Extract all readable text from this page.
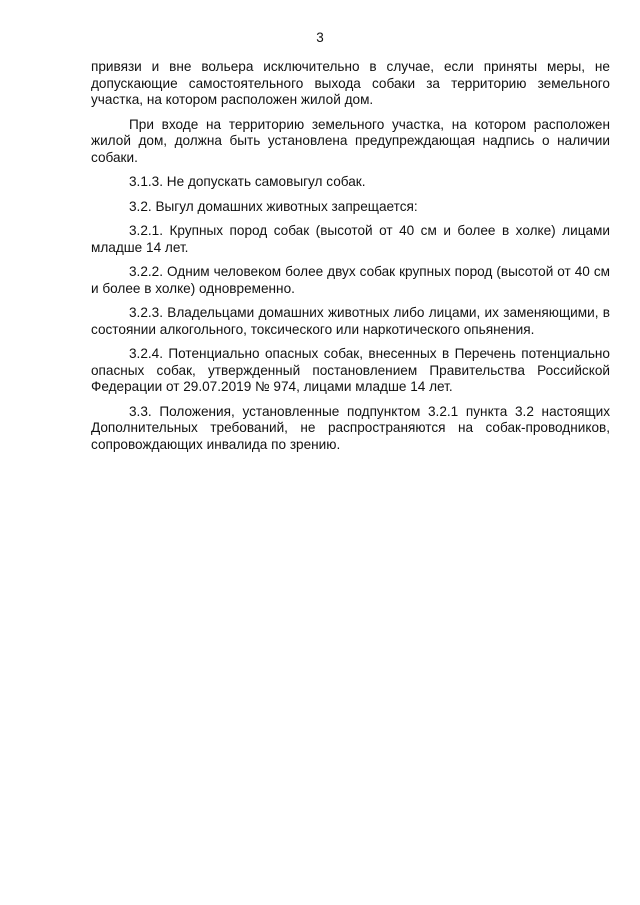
3

привязи и вне вольера исключительно в случае, если приняты меры, не допускающие самостоятельного выхода собаки за территорию земельного участка, на котором расположен жилой дом.

При входе на территорию земельного участка, на котором расположен жилой дом, должна быть установлена предупреждающая надпись о наличии собаки.

3.1.3. Не допускать самовыгул собак.

3.2. Выгул домашних животных запрещается:

3.2.1. Крупных пород собак (высотой от 40 см и более в холке) лицами младше 14 лет.

3.2.2. Одним человеком более двух собак крупных пород (высотой от 40 см и более в холке) одновременно.

3.2.3. Владельцами домашних животных либо лицами, их заменяющими, в состоянии алкогольного, токсического или наркотического опьянения.

3.2.4. Потенциально опасных собак, внесенных в Перечень потенциально опасных собак, утвержденный постановлением Правительства Российской Федерации от 29.07.2019 № 974, лицами младше 14 лет.

3.3. Положения, установленные подпунктом 3.2.1 пункта 3.2 настоящих Дополнительных требований, не распространяются на собак-проводников, сопровождающих инвалида по зрению.
